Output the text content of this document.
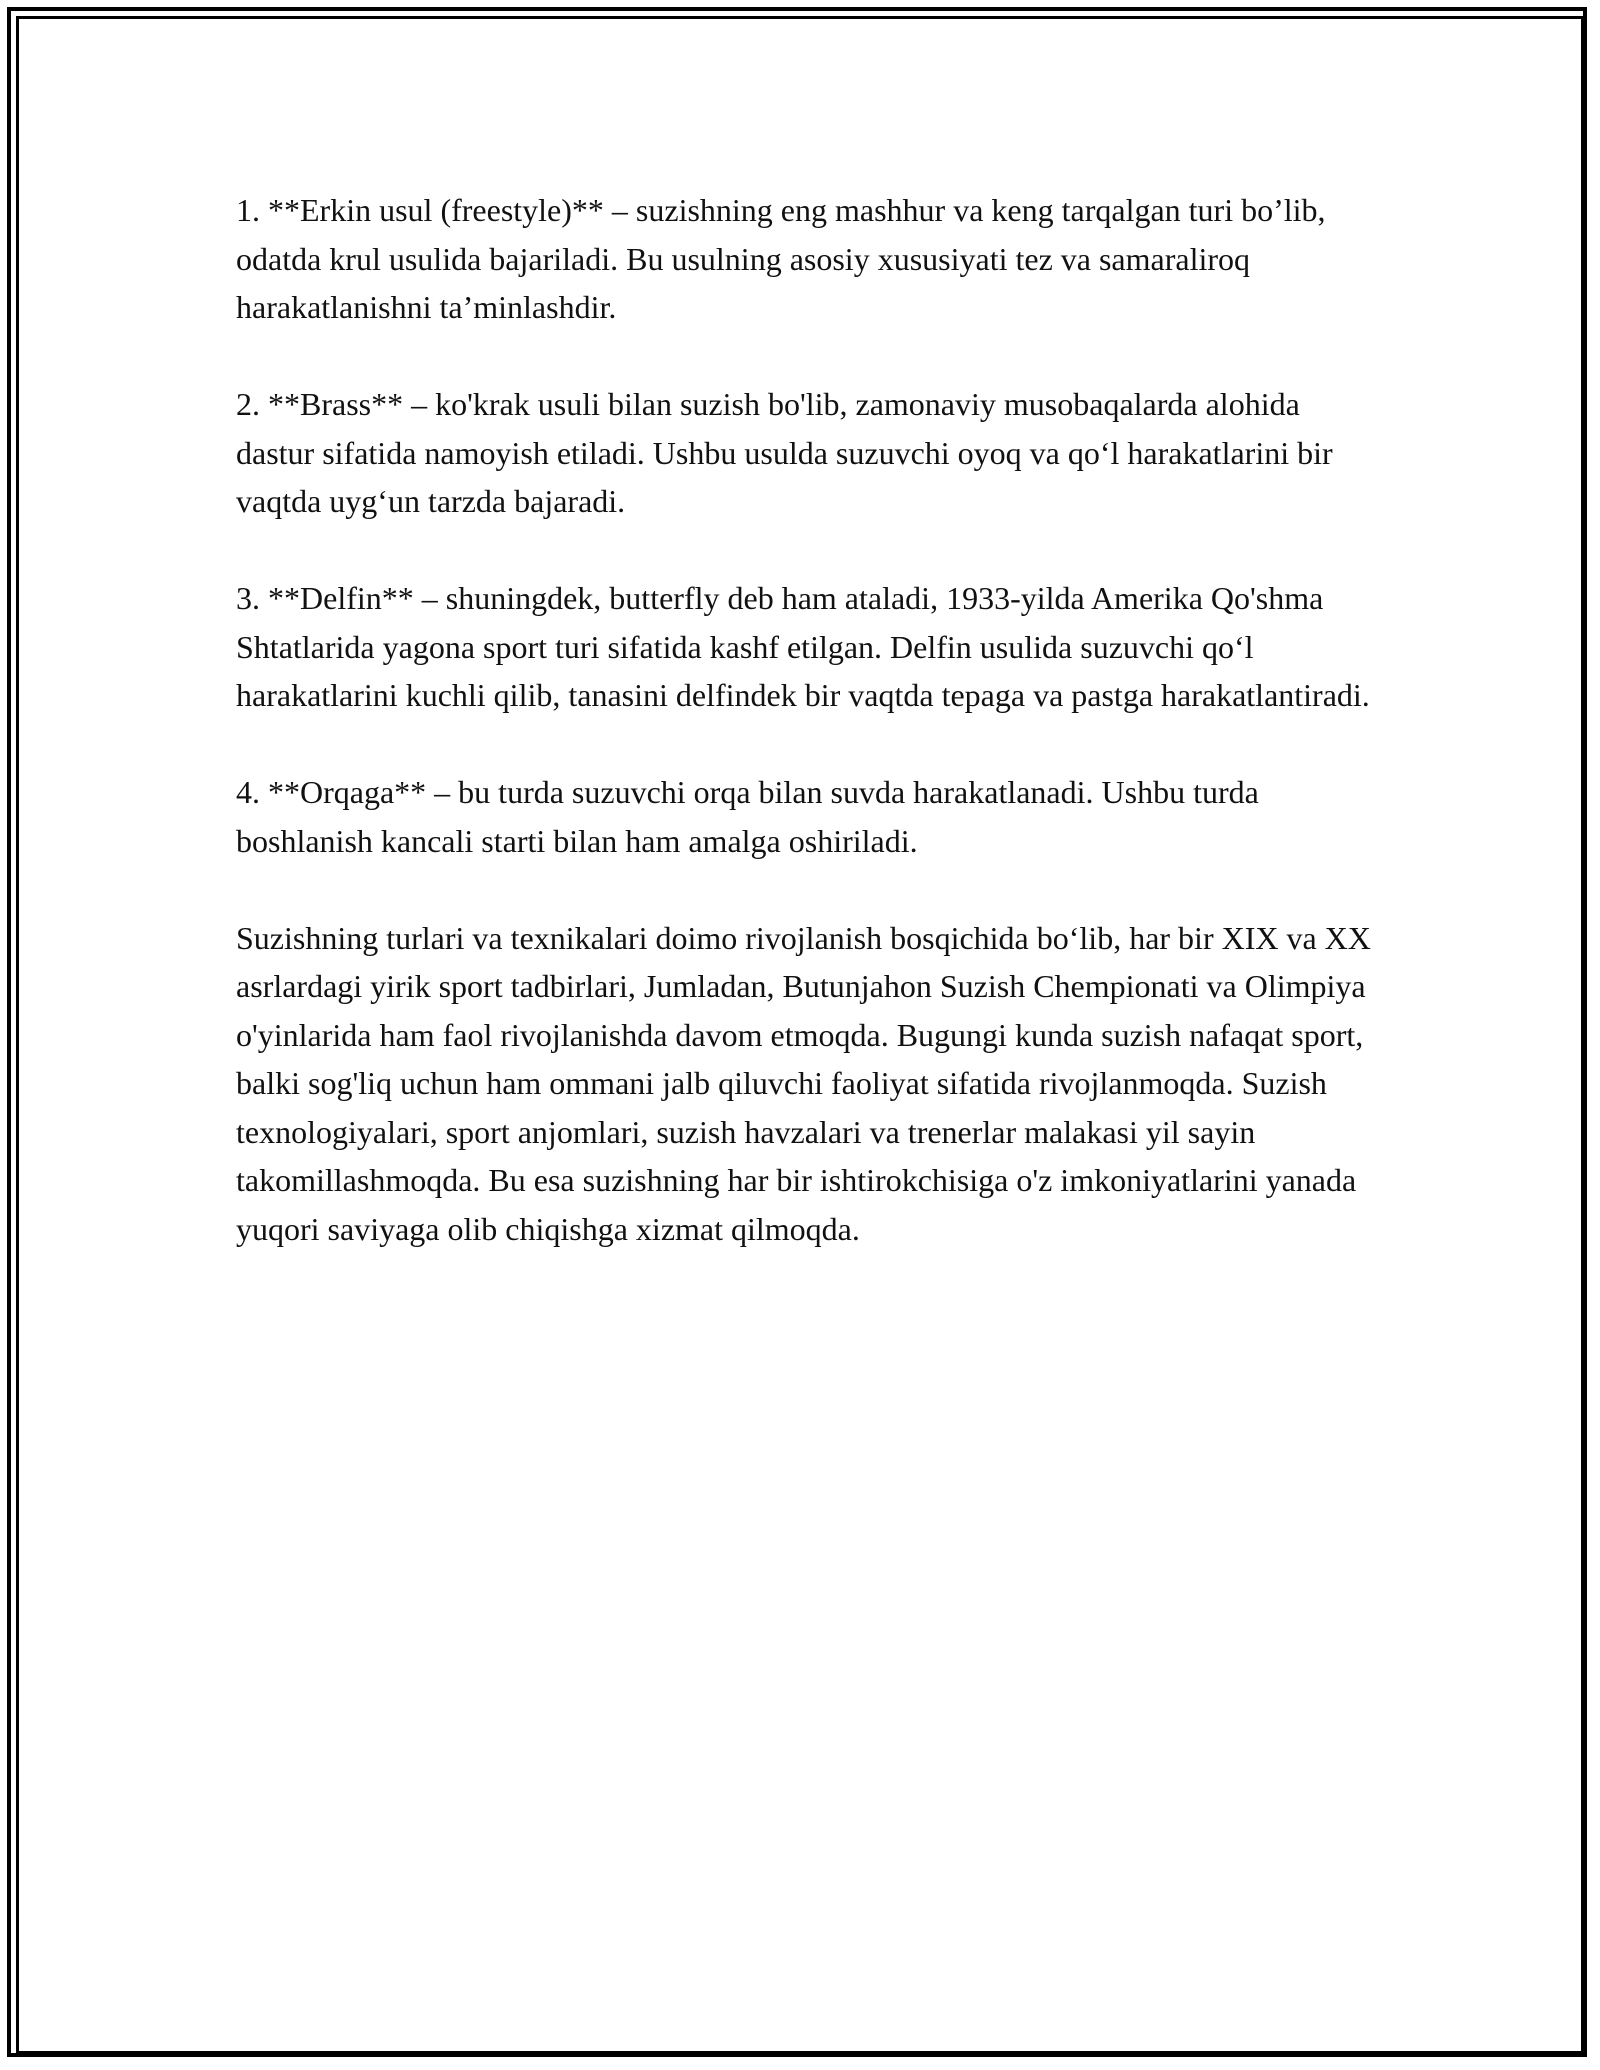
1. **Erkin usul (freestyle)** – suzishning eng mashhur va keng tarqalgan turi bo’lib, odatda krul usulida bajariladi. Bu usulning asosiy xususiyati tez va samaraliroq harakatlanishni ta’minlashdir.

2. **Brass** – ko'krak usuli bilan suzish bo'lib, zamonaviy musobaqalarda alohida dastur sifatida namoyish etiladi. Ushbu usulda suzuvchi oyoq va qo‘l harakatlarini bir vaqtda uyg‘un tarzda bajaradi.

3. **Delfin** – shuningdek, butterfly deb ham ataladi, 1933-yilda Amerika Qo'shma Shtatlarida yagona sport turi sifatida kashf etilgan. Delfin usulida suzuvchi qo‘l harakatlarini kuchli qilib, tanasini delfindek bir vaqtda tepaga va pastga harakatlantiradi.

4. **Orqaga** – bu turda suzuvchi orqa bilan suvda harakatlanadi. Ushbu turda boshlanish kancali starti bilan ham amalga oshiriladi.

Suzishning turlari va texnikalari doimo rivojlanish bosqichida bo‘lib, har bir XIX va XX asrlardagi yirik sport tadbirlari, Jumladan, Butunjahon Suzish Chempionati va Olimpiya o'yinlarida ham faol rivojlanishda davom etmoqda. Bugungi kunda suzish nafaqat sport, balki sog'liq uchun ham ommani jalb qiluvchi faoliyat sifatida rivojlanmoqda. Suzish texnologiyalari, sport anjomlari, suzish havzalari va trenerlar malakasi yil sayin takomillashmoqda. Bu esa suzishning har bir ishtirokchisiga o'z imkoniyatlarini yanada yuqori saviyaga olib chiqishga xizmat qilmoqda.
